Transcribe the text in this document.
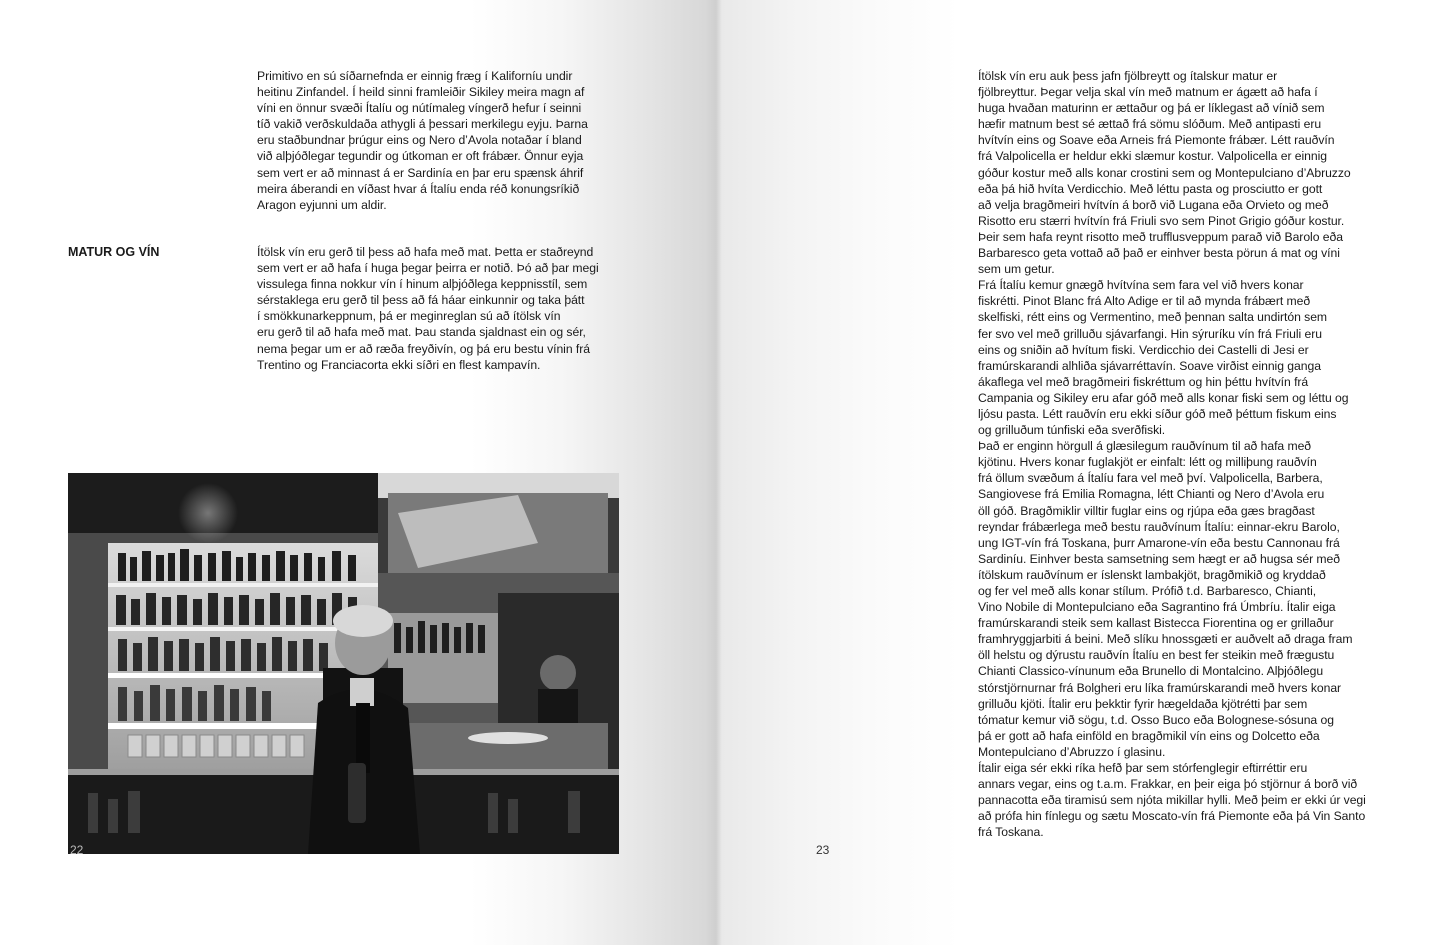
Primitivo en sú síðarnefnda er einnig fræg í Kaliforníu undir
heitinu Zinfandel. Í heild sinni framleiðir Sikiley meira magn af
víni en önnur svæði Ítalíu og nútímaleg víngerð hefur í seinni
tíð vakið verðskuldaða athygli á þessari merkilegu eyju. Þarna
eru staðbundnar þrúgur eins og Nero d’Avola notaðar í bland
við alþjóðlegar tegundir og útkoman er oft frábær. Önnur eyja
sem vert er að minnast á er Sardinía en þar eru spænsk áhrif
meira áberandi en víðast hvar á Ítalíu enda réð konungsríkið
Aragon eyjunni um aldir.
MATUR OG VÍN	Ítölsk vín eru gerð til þess að hafa með mat. Þetta er staðreynd
sem vert er að hafa í huga þegar þeirra er notið. Þó að þar megi
vissulega finna nokkur vín í hinum alþjóðlega keppnisstíl, sem
sérstaklega eru gerð til þess að fá háar einkunnir og taka þátt
í smökkunarkeppnum, þá er meginreglan sú að ítölsk vín
eru gerð til að hafa með mat. Þau standa sjaldnast ein og sér,
nema þegar um er að ræða freyðivín, og þá eru bestu vínin frá
Trentino og Franciacorta ekki síðri en flest kampavín.
22	23

Ítölsk vín eru auk þess jafn fjölbreytt og ítalskur matur er
fjölbreyttur. Þegar velja skal vín með matnum er ágætt að hafa í
huga hvaðan maturinn er ættaður og þá er líklegast að vínið sem
hæfir matnum best sé ættað frá sömu slóðum. Með antipasti eru
hvítvín eins og Soave eða Arneis frá Piemonte frábær. Létt rauðvín
frá Valpolicella er heldur ekki slæmur kostur. Valpolicella er einnig
góður kostur með alls konar crostini sem og Montepulciano d’Abruzzo
eða þá hið hvíta Verdicchio. Með léttu pasta og prosciutto er gott
að velja bragðmeiri hvítvín á borð við Lugana eða Orvieto og með
Risotto eru stærri hvítvín frá Friuli svo sem Pinot Grigio góður kostur.
Þeir sem hafa reynt risotto með trufflusveppum parað við Barolo eða
Barbaresco geta vottað að það er einhver besta pörun á mat og víni
sem um getur.

Frá Ítalíu kemur gnægð hvítvína sem fara vel við hvers konar
fiskrétti. Pinot Blanc frá Alto Adige er til að mynda frábært með
skelfiski, rétt eins og Vermentino, með þennan salta undirtón sem
fer svo vel með grilluðu sjávarfangi. Hin sýruríku vín frá Friuli eru
eins og sniðin að hvítum fiski. Verdicchio dei Castelli di Jesi er
framúrskarandi alhliða sjávarréttavín. Soave virðist einnig ganga
ákaflega vel með bragðmeiri fiskréttum og hin þéttu hvítvín frá
Campania og Sikiley eru afar góð með alls konar fiski sem og léttu og
ljósu pasta. Létt rauðvín eru ekki síður góð með þéttum fiskum eins
og grilluðum túnfiski eða sverðfiski.

Það er enginn hörgull á glæsilegum rauðvínum til að hafa með
kjötinu. Hvers konar fuglakjöt er einfalt: létt og milliþung rauðvín
frá öllum svæðum á Ítalíu fara vel með því. Valpolicella, Barbera,
Sangiovese frá Emilia Romagna, létt Chianti og Nero d’Avola eru
öll góð. Bragðmiklir villtir fuglar eins og rjúpa eða gæs bragðast
reyndar frábærlega með bestu rauðvínum Ítalíu: einnar-ekru Barolo,
ung IGT-vín frá Toskana, þurr Amarone-vín eða bestu Cannonau frá
Sardiníu. Einhver besta samsetning sem hægt er að hugsa sér með
ítölskum rauðvínum er íslenskt lambakjöt, bragðmikið og kryddað
og fer vel með alls konar stílum. Prófið t.d. Barbaresco, Chianti,
Vino Nobile di Montepulciano eða Sagrantino frá Úmbríu. Ítalir eiga
framúrskarandi steik sem kallast Bistecca Fiorentina og er grillaður
framhryggjarbiti á beini. Með slíku hnossgæti er auðvelt að draga fram
öll helstu og dýrustu rauðvín Ítalíu en best fer steikin með frægustu
Chianti Classico-vínunum eða Brunello di Montalcino. Alþjóðlegu
stórstjörnurnar frá Bolgheri eru líka framúrskarandi með hvers konar
grilluðu kjöti. Ítalir eru þekktir fyrir hægeldaða kjötrétti þar sem
tómatur kemur við sögu, t.d. Osso Buco eða Bolognese-sósuna og
þá er gott að hafa einföld en bragðmikil vín eins og Dolcetto eða
Montepulciano d’Abruzzo í glasinu.

Ítalir eiga sér ekki ríka hefð þar sem stórfenglegir eftirréttir eru
annars vegar, eins og t.a.m. Frakkar, en þeir eiga þó stjörnur á borð við
pannacotta eða tiramisú sem njóta mikillar hylli. Með þeim er ekki úr vegi
að prófa hin fínlegu og sætu Moscato-vín frá Piemonte eða þá Vin Santo
frá Toskana.
